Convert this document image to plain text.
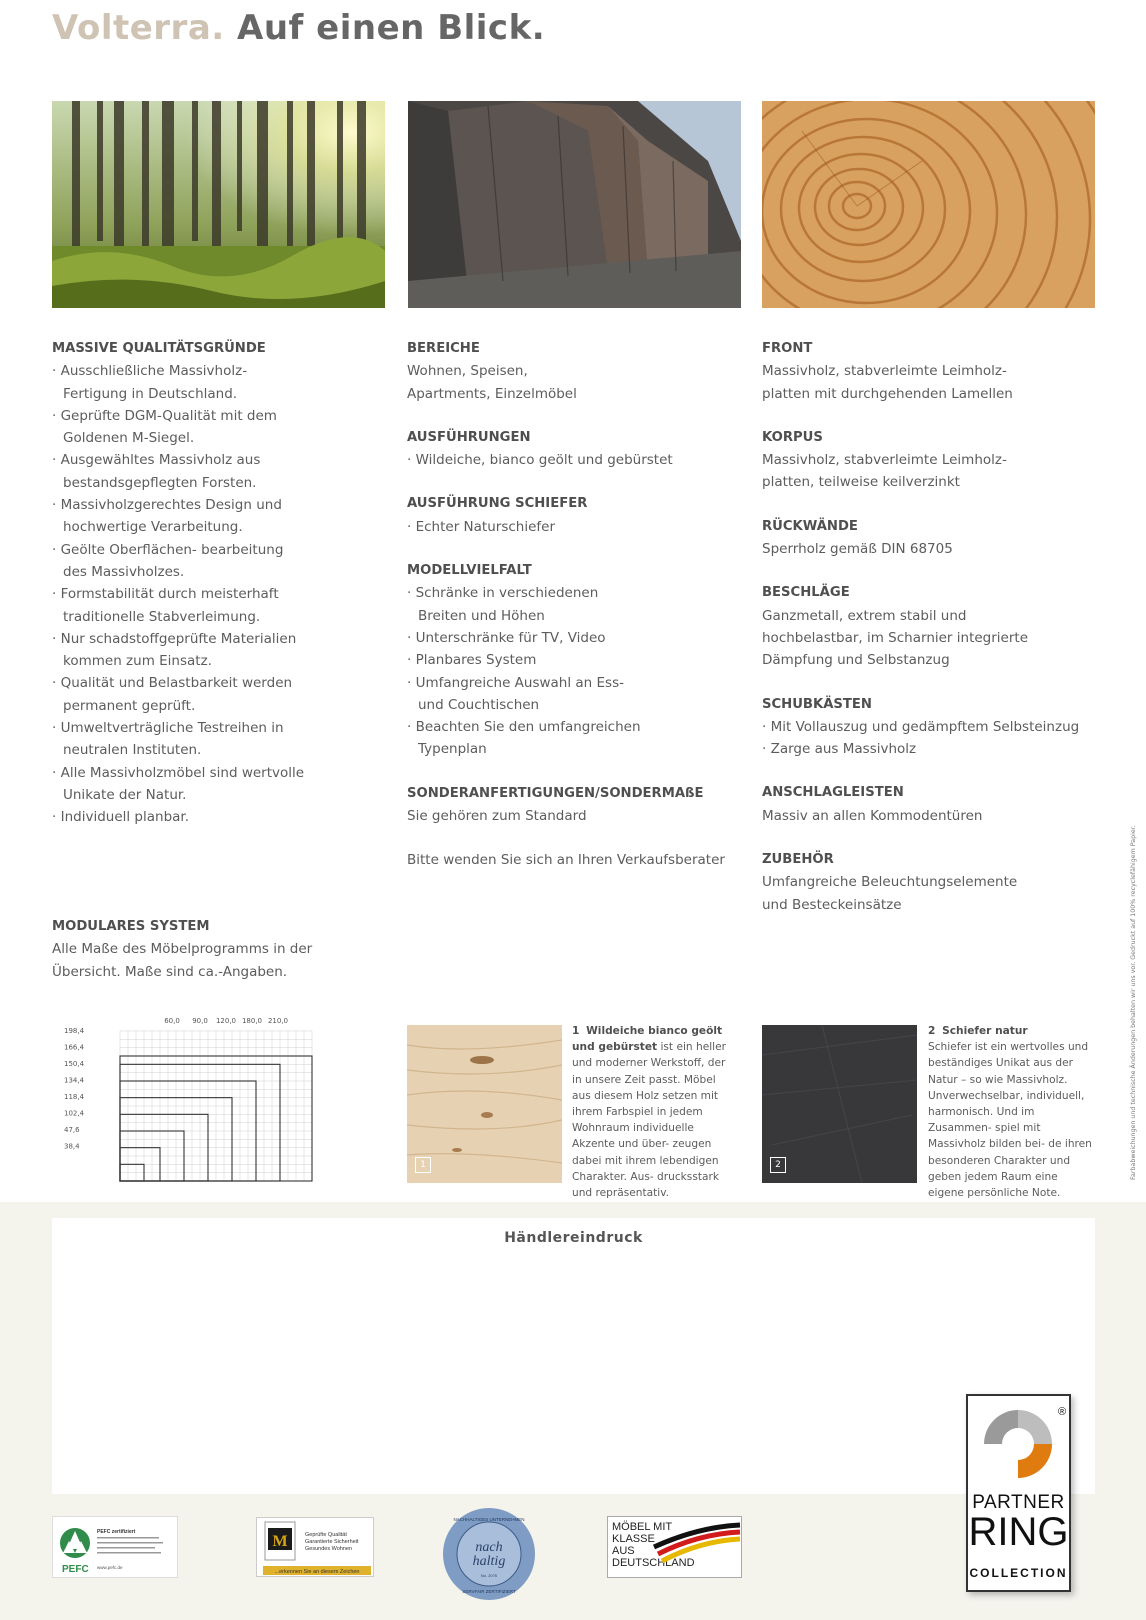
Volterra. Auf einen Blick.
MASSIVE QUALITÄTSGRÜNDE
· Ausschließliche Massivholz-Fertigung in Deutschland.
· Geprüfte DGM-Qualität mit dem Goldenen M-Siegel.
· Ausgewähltes Massivholz aus bestandsgepflegten Forsten.
· Massivholzgerechtes Design und hochwertige Verarbeitung.
· Geölte Oberflächen- bearbeitung des Massivholzes.
· Formstabilität durch meisterhaft traditionelle Stabverleimung.
· Nur schadstoffgeprüfte Materialien kommen zum Einsatz.
· Qualität und Belastbarkeit werden permanent geprüft.
· Umweltverträgliche Testreihen in neutralen Instituten.
· Alle Massivholzmöbel sind wertvolle Unikate der Natur.
· Individuell planbar.
MODULARES SYSTEM
Alle Maße des Möbelprogramms in der Übersicht. Maße sind ca.-Angaben.
60,0 90,0 120,0 180,0 210,0
198,4
166,4
150,4
134,4
118,4
102,4
47,6
38,4
BEREICHE
Wohnen, Speisen,
Apartments, Einzelmöbel
AUSFÜHRUNGEN
· Wildeiche, bianco geölt und gebürstet
AUSFÜHRUNG SCHIEFER
· Echter Naturschiefer
MODELLVIELFALT
· Schränke in verschiedenen Breiten und Höhen
· Unterschränke für TV, Video
· Planbares System
· Umfangreiche Auswahl an Ess- und Couchtischen
· Beachten Sie den umfangreichen Typenplan
SONDERANFERTIGUNGEN/SONDERMAßE
Sie gehören zum Standard
Bitte wenden Sie sich an Ihren Verkaufsberater
FRONT
Massivholz, stabverleimte Leimholz-
platten mit durchgehenden Lamellen
KORPUS
Massivholz, stabverleimte Leimholz-
platten, teilweise keilverzinkt
RÜCKWÄNDE
Sperrholz gemäß DIN 68705
BESCHLÄGE
Ganzmetall, extrem stabil und
hochbelastbar, im Scharnier integrierte
Dämpfung und Selbstanzug
SCHUBKÄSTEN
· Mit Vollauszug und gedämpftem Selbsteinzug
· Zarge aus Massivholz
ANSCHLAGLEISTEN
Massiv an allen Kommodentüren
ZUBEHÖR
Umfangreiche Beleuchtungselemente
und Besteckeinsätze
1
1 Wildeiche bianco geölt und gebürstet ist ein heller und moderner Werkstoff, der in unsere Zeit passt. Möbel aus diesem Holz setzen mit ihrem Farbspiel in jedem Wohnraum individuelle Akzente und über- zeugen dabei mit ihrem lebendigen Charakter. Aus- drucksstark und repräsentativ.
2
2 Schiefer natur
Schiefer ist ein wertvolles und beständiges Unikat aus der Natur – so wie Massivholz. Unverwechselbar, individuell, harmonisch. Und im Zusammen- spiel mit Massivholz bilden bei- de ihren besonderen Charakter und geben jedem Raum eine eigene persönliche Note.
Farbabweichungen und technische Änderungen behalten wir uns vor. Gedruckt auf 100% recyclefähigem Papier.
Händlereindruck
PEFC
PEFC zertifiziert
www.pefc.de
M	Geprüfte Qualität
Garantierte Sicherheit
Gesundes Wohnen
...erkennen Sie an diesem Zeichen
nach
haltig
NACHHALTIGES UNTERNEHMEN
SERVFAIR ZERTIFIZIERT
No. 2076
MÖBEL MIT
KLASSE
AUS
DEUTSCHLAND
®
PARTNER
RING
COLLECTION
